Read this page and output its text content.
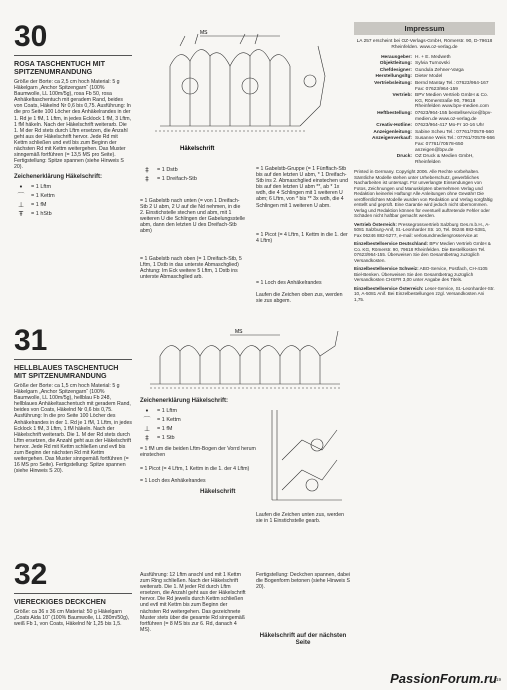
30
ROSA TASCHENTUCH MIT SPITZENUMRANDUNG

Größe der Borte: ca 2,5 cm hoch Material: 5 g Häkelgarn „Anchor Spitzengarn“ (100% Baumwolle, LL 100m/5g), rosa Fb 50, rosa Anhäkeltaschentuch mit geradem Rand, beides von Coats, Häkelnd Nr 0,6 bis 0,75. Ausführung: In die pro Seite 100 Löcher des Anhäkelrandes in der 1. Rd je 1 fM, 1 Lftm, in jedes Ecklock 1 fM, 3 Lftm, 1 fM häkeln. Nach der Häkelschrift weiterarb. Die 1. M der Rd stets durch Lftm ersetzen, die Anzahl geht aus der Häkelschrift hervor. Jede Rd mit Kettm schließen und evtl bis zum Beginn der nächsten Rd mit Kettm weitergehen. Das Muster sinngemäß fortführen (= 13,5 MS pro Seite). Fertigstellung: Spitze spannen (siehe Hinweis S 20).

Zeichenerklärung Häkelschrift:
•	= 1 Lftm
⌒	= 1 Kettm
⊥	= 1 fM
Ŧ	= 1 hStb
MS
Häkelschrift
‡	= 1 Dstb
‡	= 1 Dreifach-Stb
= 1 Gabelstb nach unten (= von 1 Dreifach-Stb 2 U abm, 2 U auf die Nd nehmen, in die 2. Einstichstelle stechen und abm, mit 1 weiteren U die Schlingen der Gabelungsstelle abm, dann den letzten U des Dreifach-Stb abm)
= 1 Gabelstb nach oben (= 1 Dreifach-Stb, 5 Lftm, 1 Dstb in das unterste Abmaschglied) Achtung: Im Eck weitere 5 Lftm, 1 Dstb ins unterste Abmaschglied arb.
= 1 Gabelstb-Gruppe (= 1 Fünffach-Stb bis auf den letzten U abm, * 1 Dreifach-Stb ins 2. Abmaschglied einstechen und bis auf den letzten U abm **, ab * 1x wdh, die 4 Schlingen mit 1 weiteren U abm; 6 Lftm, von * bis ** 3x wdh, die 4 Schlingen mit 1 weiteren U abm.
= 1 Picot (= 4 Lftm, 1 Kettm in die 1. der 4 Lftm)
= 1 Loch des Anhäkelrandes
Laufen die Zeichen oben zus, werden sie zus abgem.
31
HELLBLAUES TASCHENTUCH MIT SPITZENUMRANDUNG

Größe der Borte: ca 1,5 cm hoch Material: 5 g Häkelgarn „Anchor Spitzengarn“ (100% Baumwolle, LL 100m/5g), hellblau Fb 248, hellblaues Anhäkeltaschentuch mit geradem Rand, beides von Coats, Häkelnd Nr 0,6 bis 0,75. Ausführung: In die pro Seite 100 Löcher des Anhäkelrandes in der 1. Rd je 1 fM, 1 Lftm, in jedes Ecklock 1 fM, 3 Lftm, 1 fM häkeln. Nach der Häkelschrift weiterarb. Die 1. M der Rd stets durch Lftm ersetzen, die Anzahl geht aus der Häkelschrift hervor. Jede Rd mit Kettm schließen und evtl bis zum Beginn der nächsten Rd mit Kettm weitergehen. Das Muster sinngemäß fortführen (= 16 MS pro Seite). Fertigstellung: Spitze spannen (siehe Hinweis S 20).

MS
Zeichenerklärung Häkelschrift:
•	= 1 Lftm
⌒	= 1 Kettm
⊥	= 1 fM
‡	= 1 Stb
= 1 fM um die beiden Lftm-Bogen der Vorrd herum einstechen
= 1 Picot (= 4 Lftm, 1 Kettm in die 1. der 4 Lftm)
= 1 Loch des Anhäkelrandes
Häkelschrift
Laufen die Zeichen unten zus, werden sie in 1 Einstichstelle gearb.
32
VIERECKIGES DECKCHEN

Größe: ca 36 x 36 cm Material: 50 g Häkelgarn „Coats Aida 10“ (100% Baumwolle, LL 280m/50g), weiß Fb 1, von Coats, Häkelnd Nr 1,25 bis 1,5.

Ausführung: 12 Lftm anschl und mit 1 Kettm zum Ring schließen. Nach der Häkelschrift weiterarb. Die 1. M jeder Rd durch Lftm ersetzen, die Anzahl geht aus der Häkelschrift hervor. Die Rd jeweils durch Kettm schließen und evtl mit Kettm bis zum Beginn der nächsten Rd weitergehen. Das gezeichnete Muster stets über die gesamte Rd sinngemäß fortführen (= 8 MS bis zur 6. Rd, danach 4 MS).
Fertigstellung: Deckchen spannen, dabei die Bogenform betonen (siehe Hinweis S 20).
Häkelschrift auf der nächsten Seite
Impressum
LA 257 erscheint bei OZ-Verlags-GmbH, Römerstr. 90, D-79618 Rheinfelden. www.oz-verlag.de
Herausgeber: H. + E. Medweth
Objektleitung: Sylvia Turnovski
Chefdesigner: Gundula Zehner-Varga
Herstellungsltg: Dieter Model
Vertriebsleitung: Bernd Mantay Tel.: 07623/964-167 Fax: 07623/964-159
Vertrieb: BPV Medien Vertrieb GmbH & Co. KG, Römerstraße 90, 79618 Rheinfelden www.bpv-medien.com
Heftbestellung: 07623/964-155 bestellservice@bpv-medien.de www.oz-verlag.de
Creativ-Hotline: 07623/964-417 Mo-Fr 10-16 Uhr
Anzeigenleitung: Sabine Scheu Tel.: 07761/70578-560
Anzeigenverkauf: Susanne Weis Tel.: 07761/70578-566 Fax: 07761/70578-650 anzeigen@bpv.de
Druck: OZ Druck & Medien GmbH, Rheinfelden

Printed in Germany. Copyright 2006. Alle Rechte vorbehalten. Sämtliche Modelle stehen unter Urheberschutz, gewerbliches Nacharbeiten ist untersagt. Für unverlangte Einsendungen von Fotos, Zeichnungen und Manuskripten übernehmen Verlag und Redaktion keinerlei Haftung! Alle Anleitungen ohne Gewähr! Die veröffentlichten Modelle wurden von Redaktion und Verlag sorgfältig erstellt und geprüft. Eine Garantie wird jedoch nicht übernommen. Verlag und Redaktion können für eventuell auftretende Fehler oder Schäden nicht haftbar gemacht werden.

Vertrieb Österreich: Pressegrossvertrieb Salzburg Ges.m.b.H., A-5081 Salzburg-Anif, St.-Leonharder Str. 10, Tel. 06246 882-5381, Fax 06246 882-5277, e-mail: verlosundmediengrosservice.at

Einzelbestellservice Deutschland: BPV Medien Vertrieb GmbH & Co. KG, Römerstr. 90, 79618 Rheinfelden. Die Bestellkosten Tel. 07623/964-155. Überweisen Sie den Gesamtbetrag zuzüglich Versandkosten.

Einzelbestellservice Schweiz: ABO-Service, Postfach, CH-4105 Biel-Benken. Überweisen Sie den Gesamtbetrag zuzüglich Versandkosten CHSFR 3,00 unter Angabe des Titels.

Einzelbestellservice Österreich: Leser-Service, St.-Leonharder-Str. 10, A-5081 Anif. Bei Einzelbestellungen zzgl. Versandkosten Ani 1,75.

19
PassionForum.ru
